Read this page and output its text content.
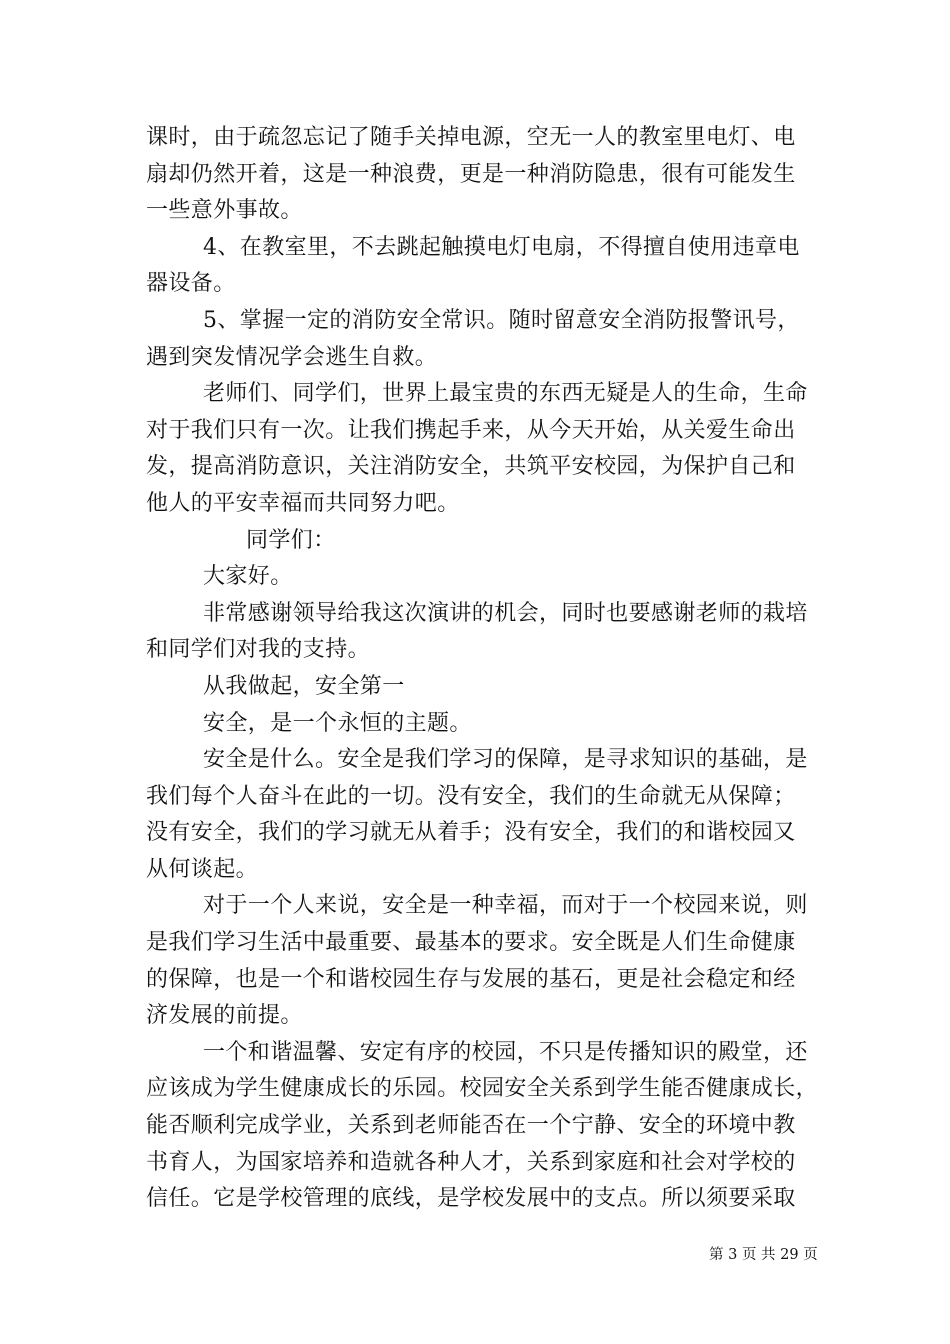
课时，由于疏忽忘记了随手关掉电源，空无一人的教室里电灯、电

扇却仍然开着，这是一种浪费，更是一种消防隐患，很有可能发生

一些意外事故。

4、在教室里，不去跳起触摸电灯电扇，不得擅自使用违章电

器设备。

5、掌握一定的消防安全常识。随时留意安全消防报警讯号，

遇到突发情况学会逃生自救。

老师们、同学们，世界上最宝贵的东西无疑是人的生命，生命

对于我们只有一次。让我们携起手来，从今天开始，从关爱生命出

发，提高消防意识，关注消防安全，共筑平安校园，为保护自己和

他人的平安幸福而共同努力吧。

同学们：

大家好。

非常感谢领导给我这次演讲的机会，同时也要感谢老师的栽培

和同学们对我的支持。

从我做起，安全第一

安全，是一个永恒的主题。

安全是什么。安全是我们学习的保障，是寻求知识的基础，是

我们每个人奋斗在此的一切。没有安全，我们的生命就无从保障；

没有安全，我们的学习就无从着手；没有安全，我们的和谐校园又

从何谈起。

对于一个人来说，安全是一种幸福，而对于一个校园来说，则

是我们学习生活中最重要、最基本的要求。安全既是人们生命健康

的保障，也是一个和谐校园生存与发展的基石，更是社会稳定和经

济发展的前提。

一个和谐温馨、安定有序的校园，不只是传播知识的殿堂，还

应该成为学生健康成长的乐园。校园安全关系到学生能否健康成长，

能否顺利完成学业，关系到老师能否在一个宁静、安全的环境中教

书育人，为国家培养和造就各种人才，关系到家庭和社会对学校的

信任。它是学校管理的底线，是学校发展中的支点。所以须要采取

第 3 页 共 29 页
